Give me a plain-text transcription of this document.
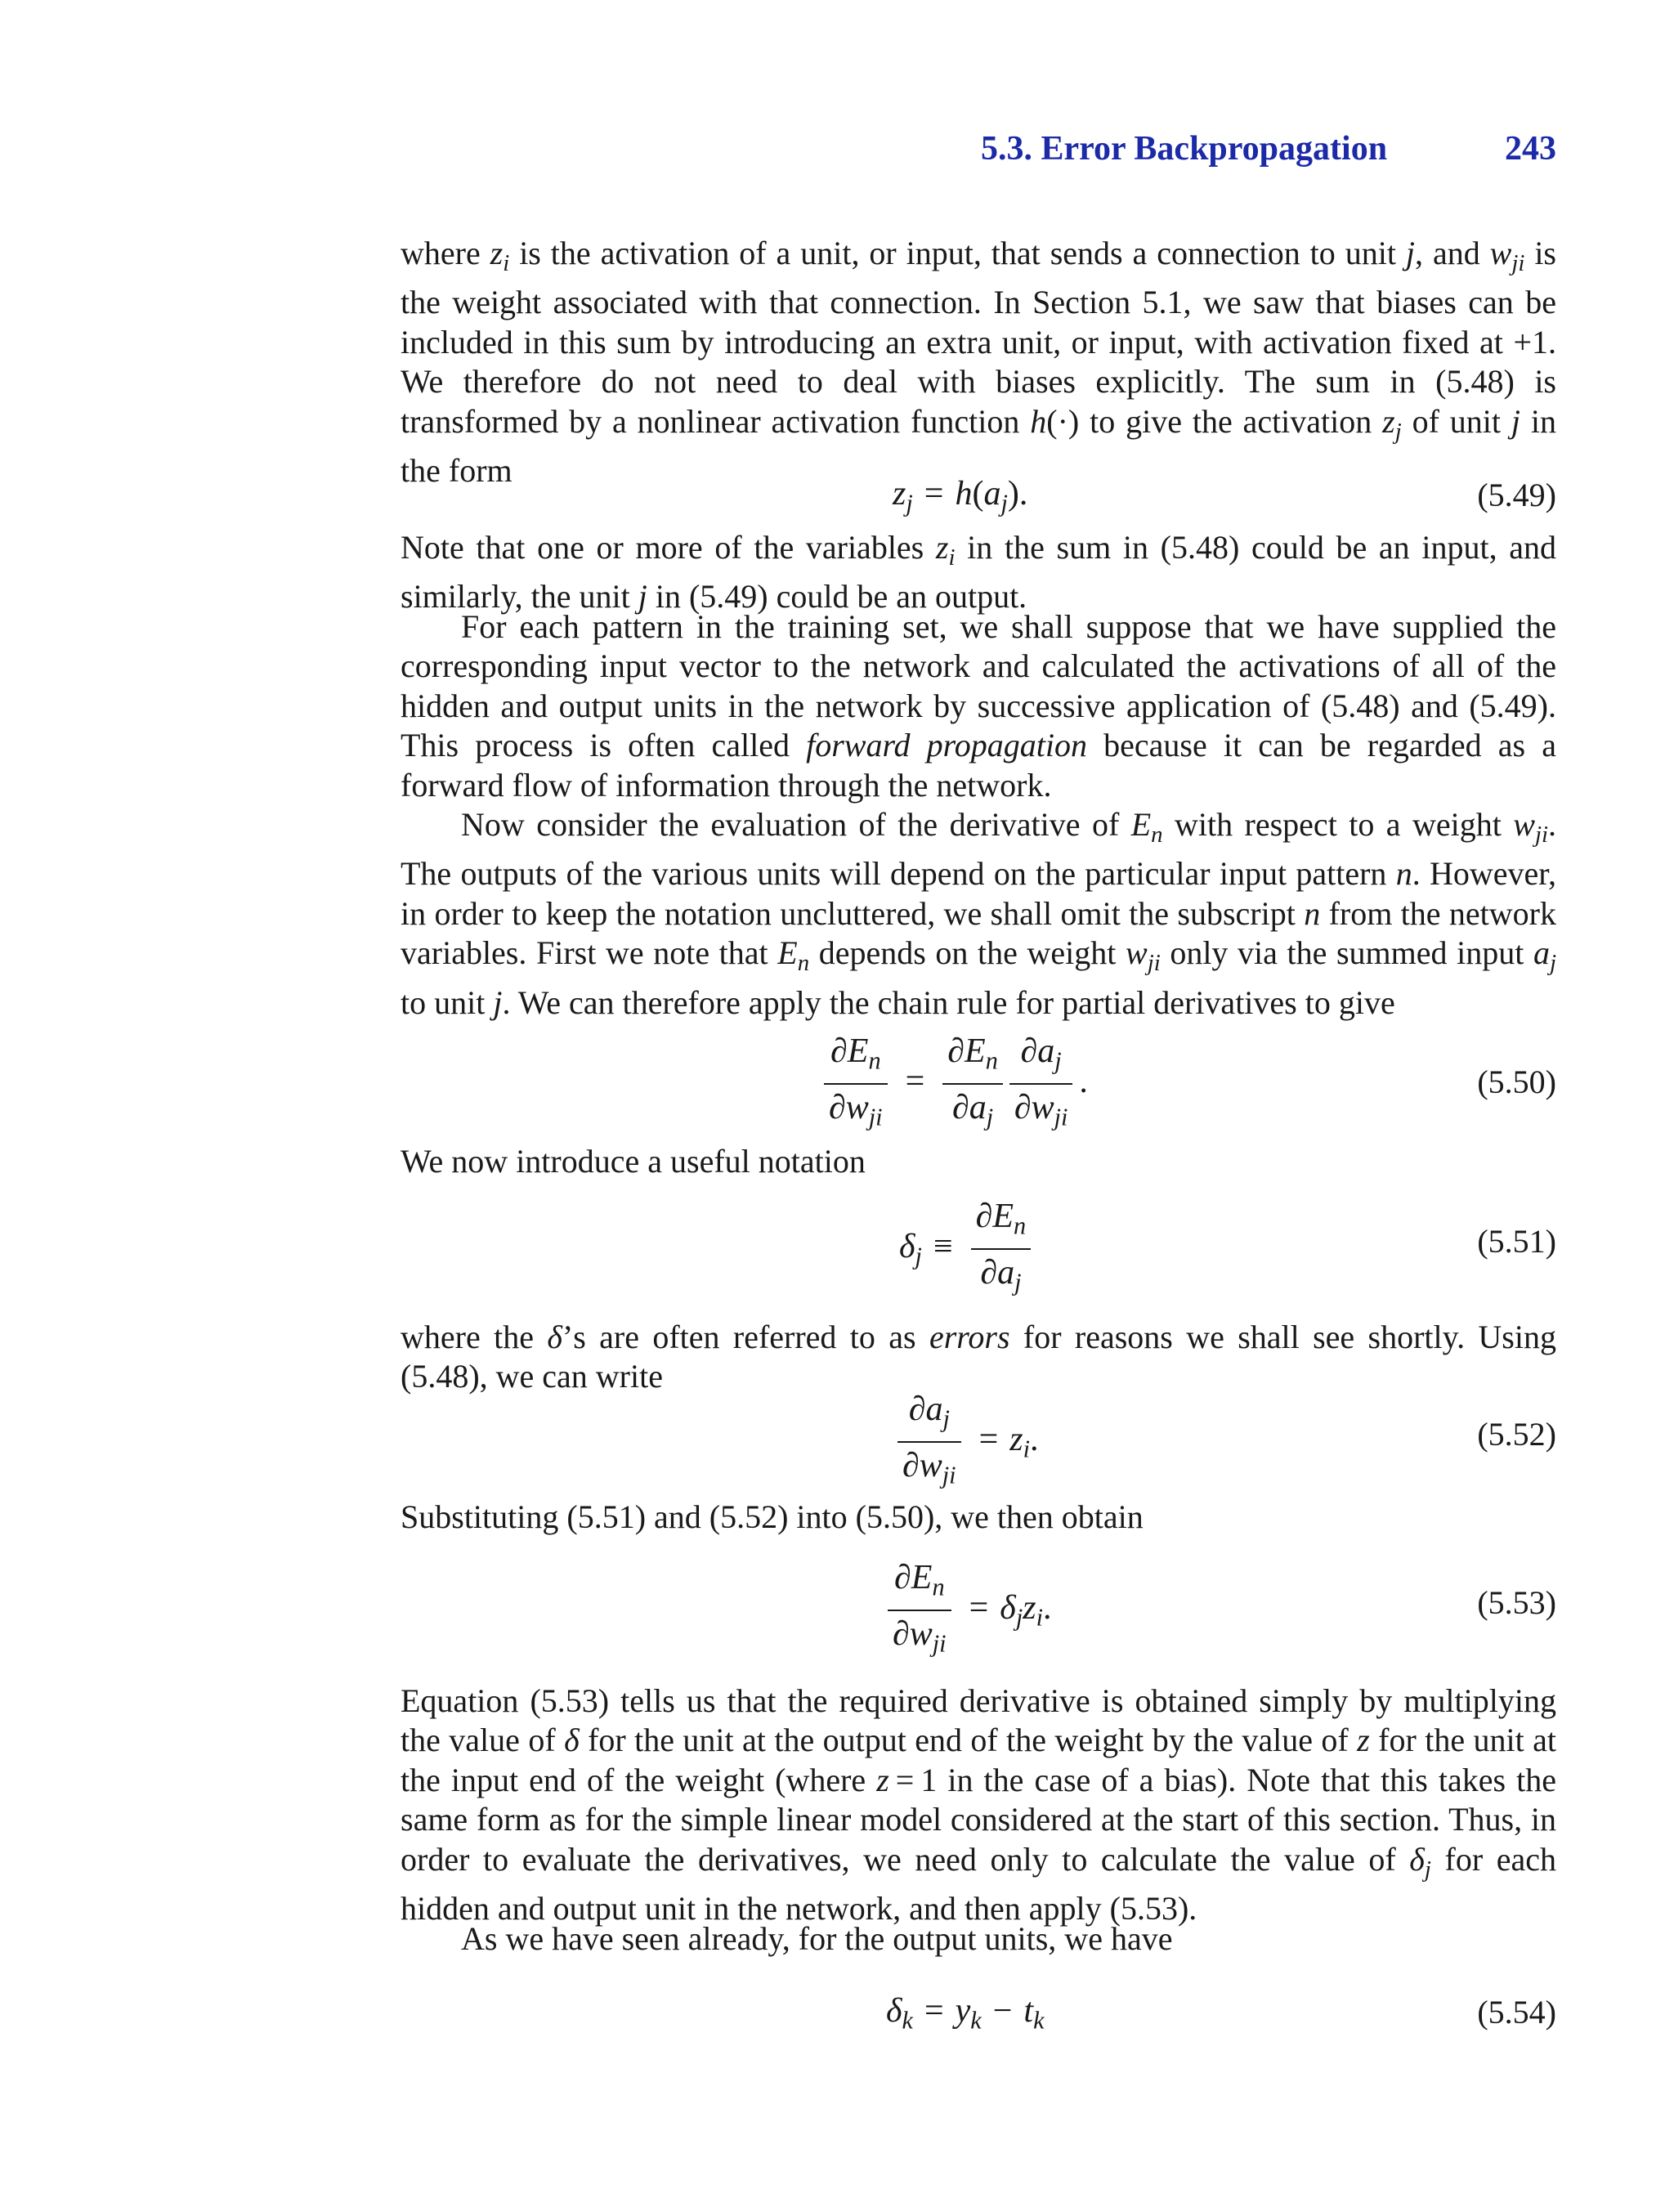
5.3. Error Backpropagation	243
where $z_i$ is the activation of a unit, or input, that sends a connection to unit j, and $w_{ji}$ is the weight associated with that connection. In Section 5.1, we saw that biases can be included in this sum by introducing an extra unit, or input, with activation fixed at +1. We therefore do not need to deal with biases explicitly. The sum in (5.48) is transformed by a nonlinear activation function h(·) to give the activation $z_j$ of unit j in the form
$z_j = h(a_j)$.	(5.49)
Note that one or more of the variables $z_i$ in the sum in (5.48) could be an input, and similarly, the unit j in (5.49) could be an output.
For each pattern in the training set, we shall suppose that we have supplied the corresponding input vector to the network and calculated the activations of all of the hidden and output units in the network by successive application of (5.48) and (5.49). This process is often called forward propagation because it can be regarded as a forward flow of information through the network.
Now consider the evaluation of the derivative of $E_n$ with respect to a weight $w_{ji}$. The outputs of the various units will depend on the particular input pattern n. However, in order to keep the notation uncluttered, we shall omit the subscript n from the network variables. First we note that $E_n$ depends on the weight $w_{ji}$ only via the summed input $a_j$ to unit j. We can therefore apply the chain rule for partial derivatives to give
$\frac{\partial E_n}{\partial w_{ji}} = \frac{\partial E_n}{\partial a_j} \frac{\partial a_j}{\partial w_{ji}}$ .	(5.50)
We now introduce a useful notation
$\delta_j \equiv \frac{\partial E_n}{\partial a_j}$	(5.51)
where the δ’s are often referred to as errors for reasons we shall see shortly. Using (5.48), we can write
$\frac{\partial a_j}{\partial w_{ji}} = z_i$.	(5.52)
Substituting (5.51) and (5.52) into (5.50), we then obtain
$\frac{\partial E_n}{\partial w_{ji}} = \delta_jz_i$.	(5.53)
Equation (5.53) tells us that the required derivative is obtained simply by multiplying the value of δ for the unit at the output end of the weight by the value of z for the unit at the input end of the weight (where z = 1 in the case of a bias). Note that this takes the same form as for the simple linear model considered at the start of this section. Thus, in order to evaluate the derivatives, we need only to calculate the value of $\delta_j$ for each hidden and output unit in the network, and then apply (5.53).
As we have seen already, for the output units, we have
$\delta_k = y_k - t_k$	(5.54)
